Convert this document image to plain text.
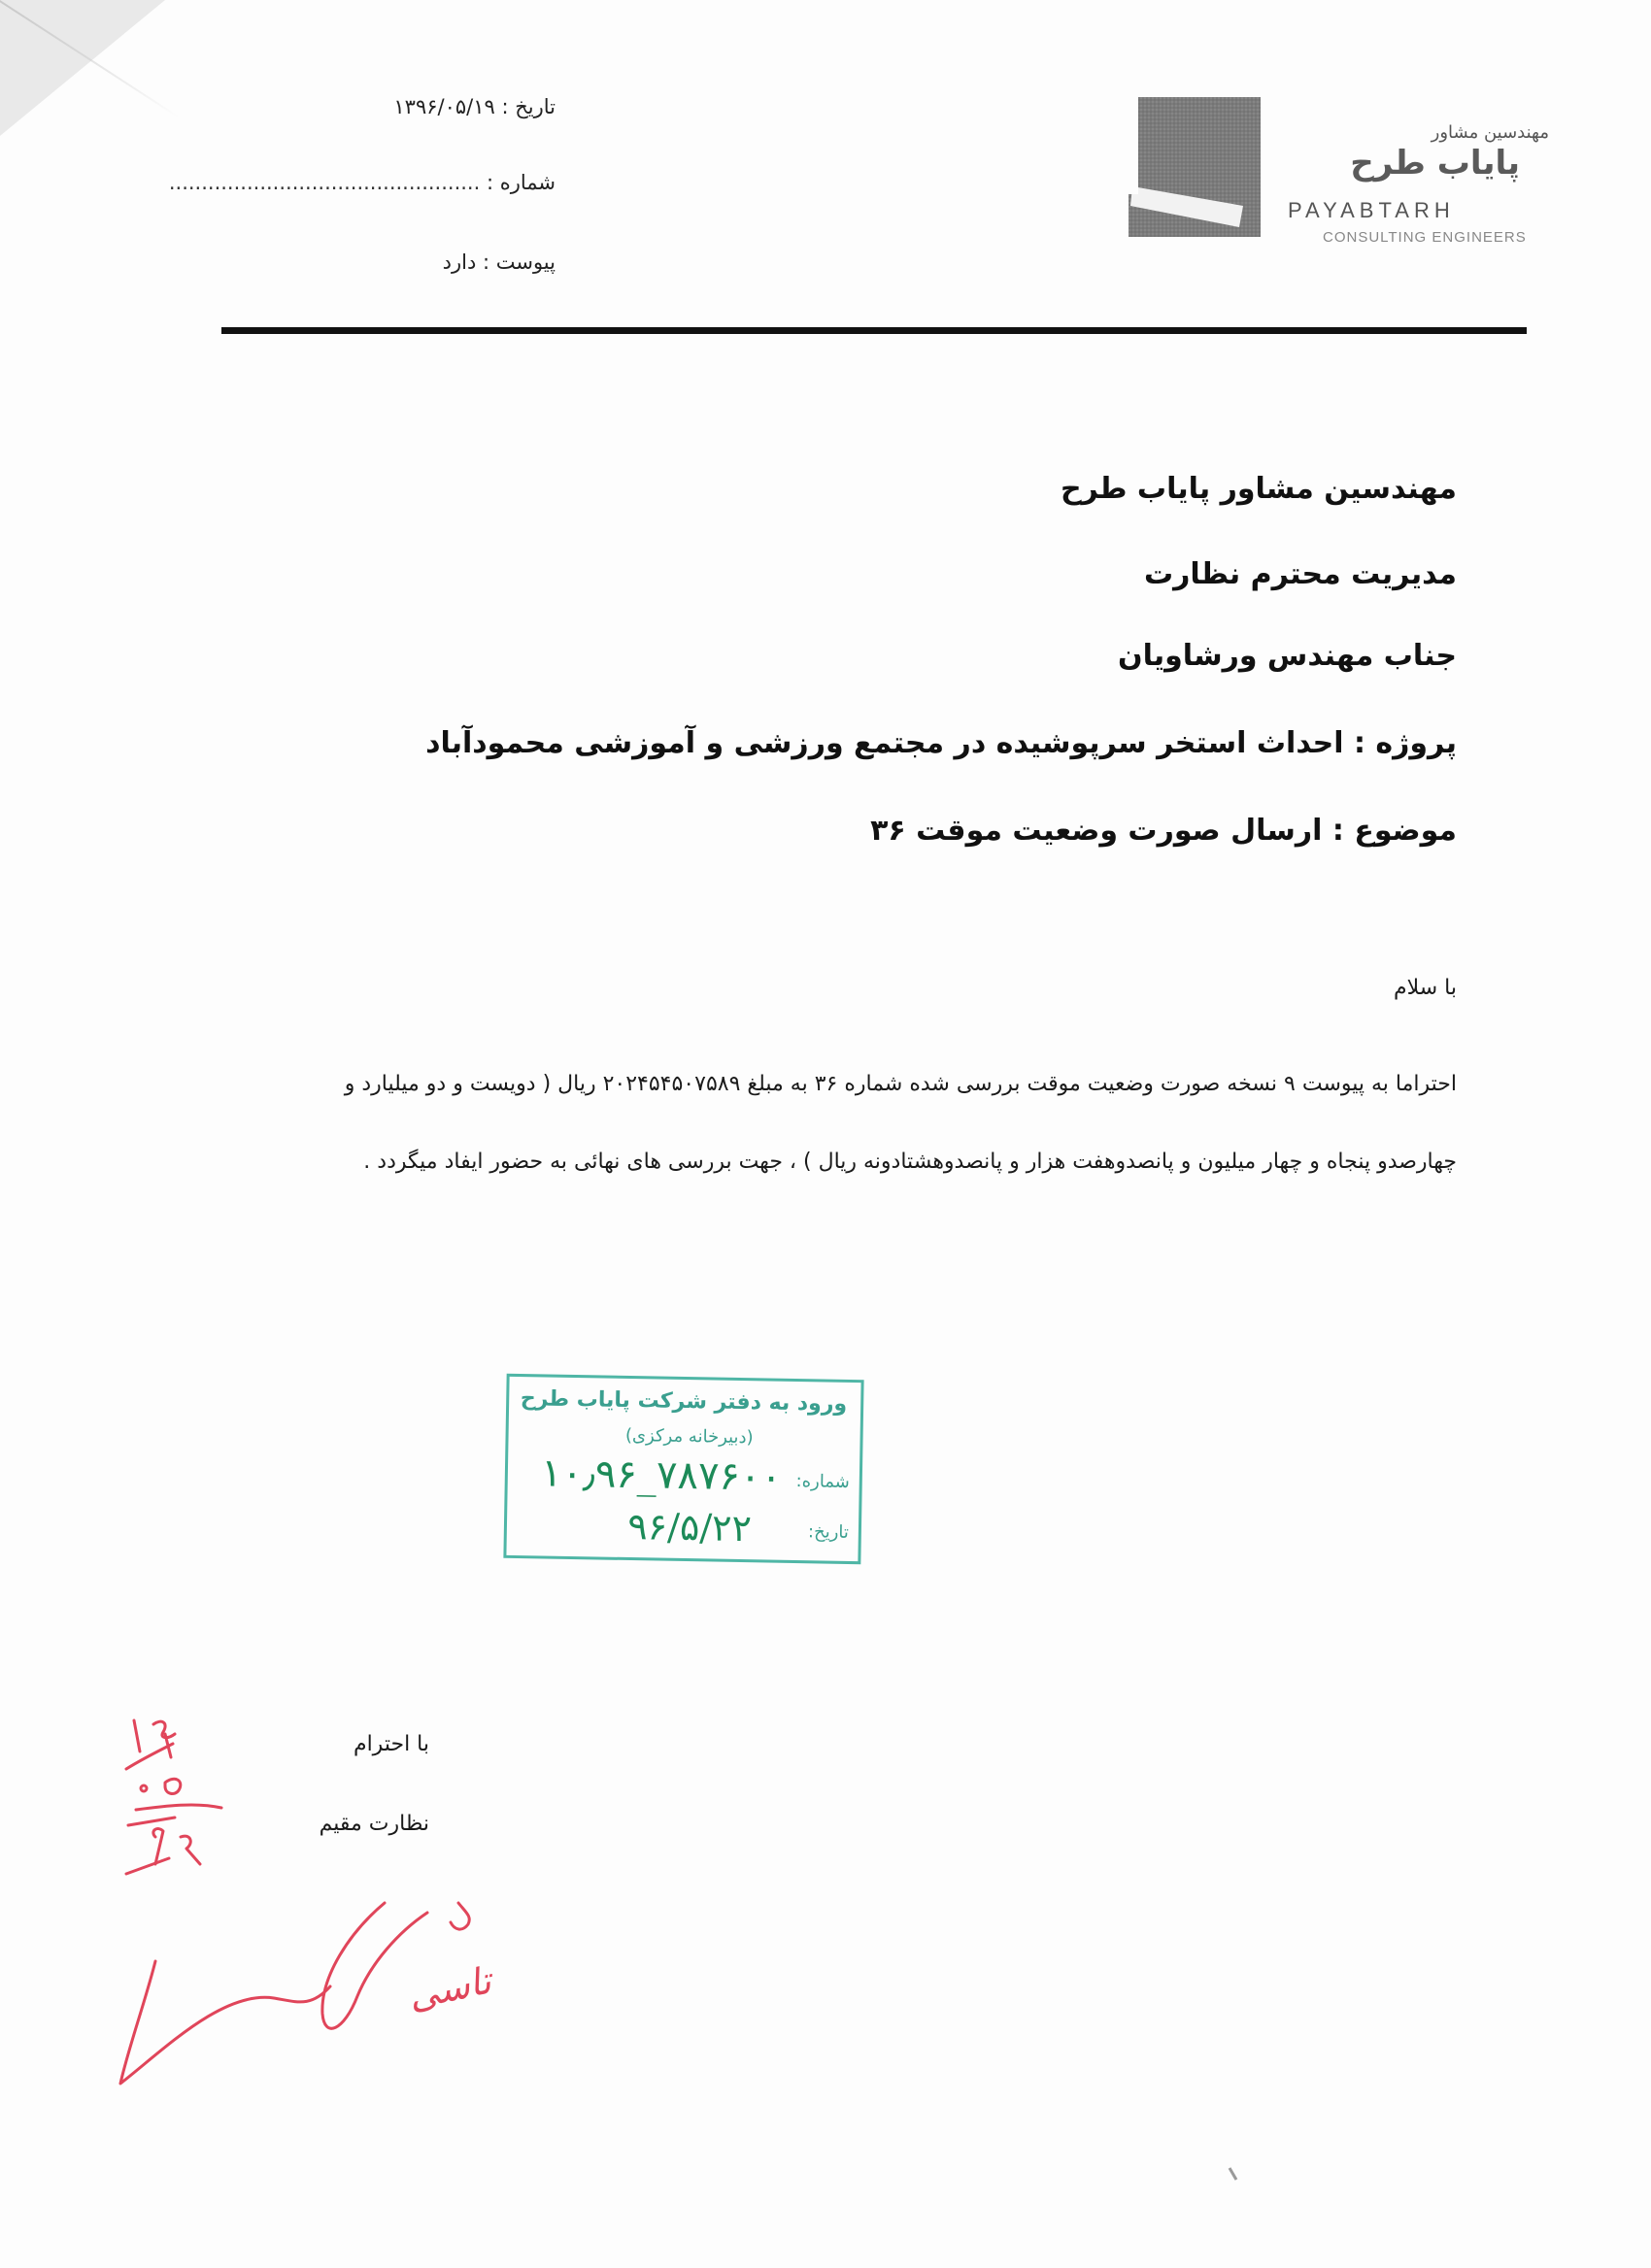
تاریخ : ۱۳۹۶/۰۵/۱۹
شماره : ................................................
پیوست : دارد
مهندسین مشاور
پایاب طرح
PAYABTARH
CONSULTING ENGINEERS
مهندسین مشاور پایاب طرح
مدیریت محترم نظارت
جناب مهندس ورشاویان
پروژه : احداث استخر سرپوشیده در مجتمع ورزشی و آموزشی محمودآباد
موضوع : ارسال صورت وضعیت موقت ۳۶
با سلام
احتراما به پیوست ۹ نسخه صورت وضعیت موقت بررسی شده شماره ۳۶ به مبلغ ۲۰۲۴۵۴۵۰۷۵۸۹ ریال ( دویست و دو میلیارد و
چهارصدو پنجاه و چهار میلیون و پانصدوهفت هزار و پانصدوهشتادونه ریال ) ، جهت بررسی های نهائی به حضور ایفاد میگردد .
ورود به دفتر شرکت پایاب طرح
(دبیرخانه مرکزی)
شماره:
۱۰٫۹۶_۷۸۷۶۰۰
تاریخ:
۹۶/۵/۲۲
با احترام
نظارت مقیم
تاسی
